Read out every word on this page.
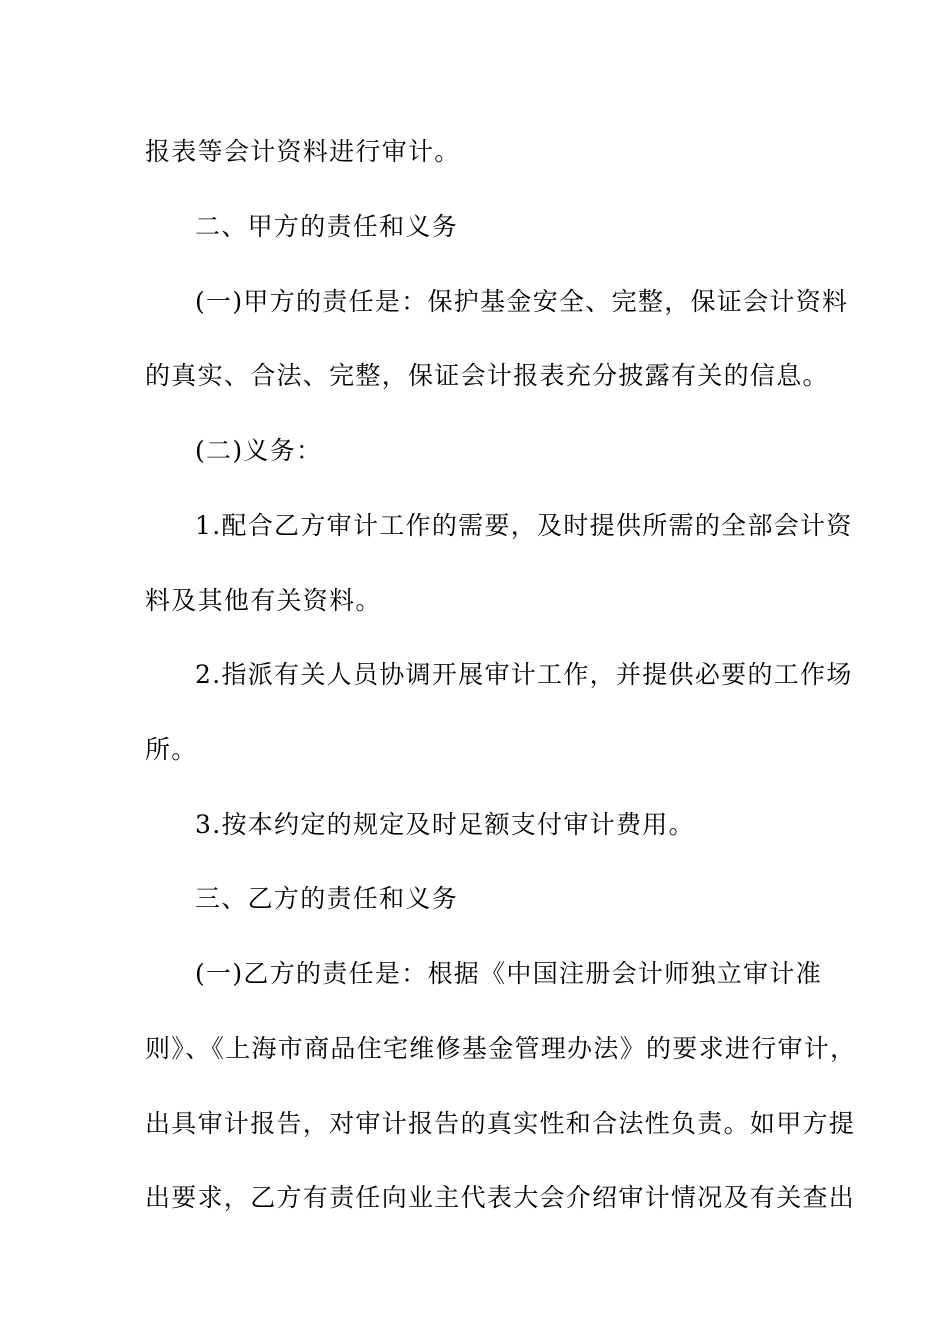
报表等会计资料进行审计。
二、甲方的责任和义务
(一)甲方的责任是：保护基金安全、完整，保证会计资料
的真实、合法、完整，保证会计报表充分披露有关的信息。
(二)义务：
1.配合乙方审计工作的需要，及时提供所需的全部会计资
料及其他有关资料。
2.指派有关人员协调开展审计工作，并提供必要的工作场
所。
3.按本约定的规定及时足额支付审计费用。
三、乙方的责任和义务
(一)乙方的责任是：根据《中国注册会计师独立审计准
则》、《上海市商品住宅维修基金管理办法》的要求进行审计，
出具审计报告，对审计报告的真实性和合法性负责。如甲方提
出要求，乙方有责任向业主代表大会介绍审计情况及有关查出
